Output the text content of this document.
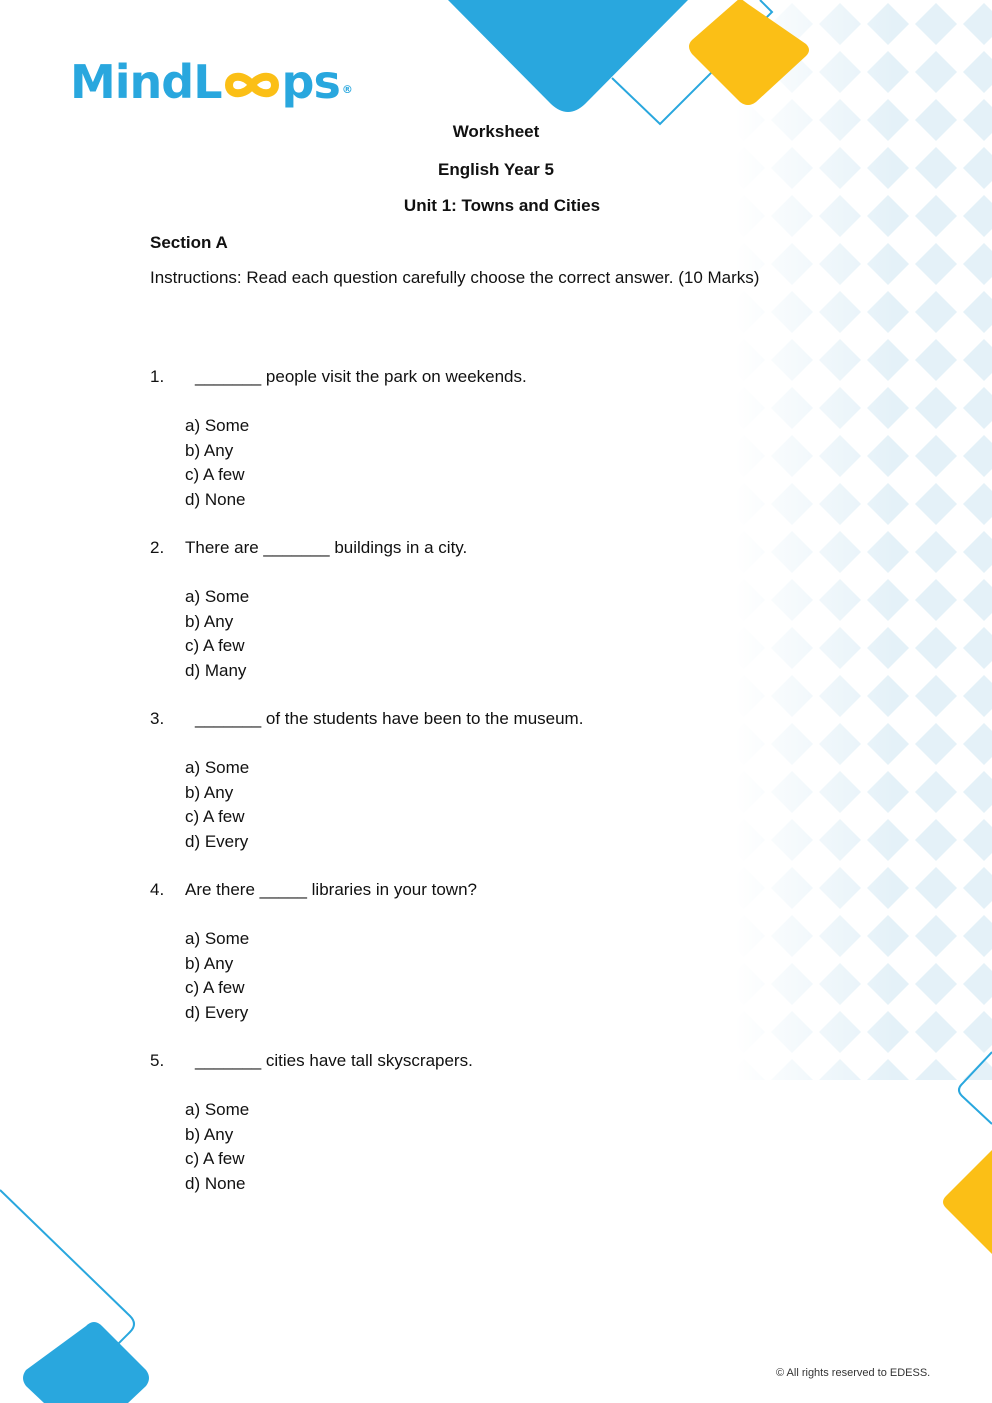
MindL ps ®
Worksheet
English Year 5
Unit 1: Towns and Cities
Section A
Instructions: Read each question carefully choose the correct answer. (10 Marks)
1. _______ people visit the park on weekends.
a) Some
b) Any
c) A few
d) None
2. There are _______ buildings in a city.
a) Some
b) Any
c) A few
d) Many
3. _______ of the students have been to the museum.
a) Some
b) Any
c) A few
d) Every
4. Are there _____ libraries in your town?
a) Some
b) Any
c) A few
d) Every
5. _______ cities have tall skyscrapers.
a) Some
b) Any
c) A few
d) None
© All rights reserved to EDESS.
